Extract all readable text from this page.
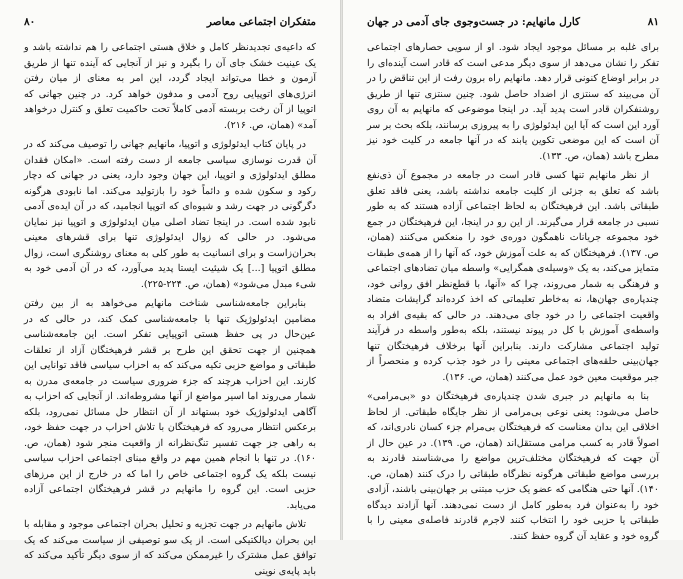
۸۰	متفکران اجتماعی معاصر

که داعیه‌ی تجدیدنظر کامل و خلاق هستی اجتماعی را هم نداشته باشد و یک عینیت خشک جای آن را بگیرد و نیز از آنجایی که آینده تنها از طریق آزمون و خطا می‌تواند ایجاد گردد، این امر به معنای از میان رفتن انرژی‌های اتوپیایی روح آدمی و مدفون خواهد کرد. در چنین جهانی که اتوپیا از آن رخت بربسته آدمی کاملاً تحت حاکمیت تعلق و کنترل درخواهد آمد» (همان، ص. ۲۱۶).

در پایان کتاب ایدئولوژی و اتوپیا، مانهایم جهانی را توصیف می‌کند که در آن قدرت نوسازی سیاسی جامعه از دست رفته است. «امکان فقدان مطلق ایدئولوژی و اتوپیا، این جهان وجود دارد، یعنی در جهانی که دچار رکود و سکون شده و دائماً خود را بازتولید می‌کند. اما نابودی هرگونه دگرگونی در جهت رشد و شیوه‌ای که اتوپیا انجامید، که در آن ایده‌ی آدمی نابود شده است. در اینجا تضاد اصلی میان ایدئولوژی و اتوپیا نیز نمایان می‌شود. در حالی که زوال ایدئولوژی تنها برای قشرهای معینی بحران‌زاست و برای انسانیت به طور کلی به معنای روشنگری است، زوال مطلق اتوپیا [...] یک شیئیت ایستا پدید می‌آورد، که در آن آدمی خود به شیء مبدل می‌شود» (همان، ص. ۲۲۴-۲۲۵).

بنابراین جامعه‌شناسی شناخت مانهایم می‌خواهد به از بین رفتن مضامین ایدئولوژیک تنها با جامعه‌شناسی کمک کند، در حالی که در عین‌حال در پی حفظ هستی اتوپیایی تفکر است. این جامعه‌شناسی همچنین از جهت تحقق این طرح بر قشر فرهیختگان آزاد از تعلقات طبقاتی و مواضع حزبی تکیه می‌کند که به احزاب سیاسی فاقد توانایی این کارند. این احزاب هرچند که جزء ضروری سیاست در جامعه‌ی مدرن به شمار می‌روند اما اسیر مواضع از آنها مشروطه‌اند. از آنجایی که احزاب به آگاهی ایدئولوژیک خود بستهاند از آن انتظار حل مسائل نمی‌رود، بلکه برعکس انتظار می‌رود که فرهیختگان با تلاش احزاب در جهت حفظ خود، به راهی جز جهت تفسیر تنگ‌نظرانه از واقعیت منجر شود (همان، ص. ۱۶۰). در تنها با انجام همین مهم در واقع مبنای اجتماعی احزاب سیاسی نیست بلکه یک گروه اجتماعی خاص را اما که در خارج از این مرزهای حزبی است. این گروه را مانهایم در قشر فرهیختگان اجتماعی آزاده می‌یابد.

تلاش مانهایم در جهت تجزیه و تحلیل بحران اجتماعی موجود و مقابله با این بحران دیالکتیکی است. از یک سو توصیفی از سیاست می‌کند که یک توافق عمل مشترک را غیرممکن می‌کند که از سوی دیگر تأکید می‌کند که باید پایه‌ی نوینی

۸۱
کارل مانهایم: در جست‌وجوی جای آدمی در جهان

برای غلبه بر مسائل موجود ایجاد شود. او از سویی حصارهای اجتماعی تفکر را نشان می‌دهد از سوی دیگر مدعی است که قادر است آینده‌ای را در برابر اوضاع کنونی قرار دهد. مانهایم راه برون رفت از این تناقض را در آن می‌بیند که سنتزی از اضداد حاصل شود. چنین سنتزی تنها از طریق روشنفکران قادر است پدید آید. در اینجا موضوعی که مانهایم به آن روی آورد این است که آیا این ایدئولوژی را به پیروزی برسانند، بلکه بحث بر سر آن است که این موضعی تکوین یابند که در آنها جامعه در کلیت خود نیز مطرح باشد (همان، ص. ۱۳۳).

از نظر مانهایم تنها کسی قادر است در جامعه در مجموع آن ذی‌نفع باشد که تعلق به جزئی از کلیت جامعه نداشته باشد، یعنی فاقد تعلق طبقاتی باشد. این فرهیختگان به لحاظ اجتماعی آزاده هستند که به طور نسبی در جامعه قرار می‌گیرند. از این رو در اینجا، این فرهیختگان در جمع خود مجموعه جریانات ناهمگون دوره‌ی خود را منعکس می‌کنند (همان، ص. ۱۳۷). فرهیختگان که به علت آموزش خود، که آنها را از همه‌ی طبقات متمایز می‌کند، به یک «وسیله‌ی همگرایی» واسطه میان تضادهای اجتماعی و فرهنگی به شمار می‌روند، چرا که «آنها، با قطع‌نظر افق روانی خود، چندپاره‌ی جهان‌ها، نه به‌خاطر تعلیماتی که اخذ کرده‌اند گرایشات متضاد واقعیت اجتماعی را در خود جای می‌دهند. در حالی که بقیه‌ی افراد به واسطه‌ی آموزش با کل در پیوند نیستند، بلکه به‌طور واسطه در فرآیند تولید اجتماعی مشارکت دارند. بنابراین آنها برخلاف فرهیختگان تنها جهان‌بینی حلقه‌های اجتماعی معینی را در خود جذب کرده و منحصراً از جبر موقعیت معین خود عمل می‌کنند (همان، ص. ۱۳۶).

بنا به مانهایم در جبری شدن چندپاره‌ی فرهیختگان دو «بی‌مرامی» حاصل می‌شود: یعنی نوعی بی‌مرامی از نظر جایگاه طبقاتی. از لحاظ اخلاقی این بدان معناست که فرهیختگان بی‌مرام جزء کسان نادری‌اند، که اصولاً قادر به کسب مرامی مستقل‌اند (همان، ص. ۱۳۹). در عین حال از آن جهت که فرهیختگان مختلف‌ترین مواضع را می‌شناسند قادرند به بررسی مواضع طبقاتی هرگونه نظرگاه طبقاتی را درک کنند (همان، ص. ۱۴۰). آنها حتی هنگامی که عضو یک حزب مبتنی بر جهان‌بینی باشند، آزادی خود را به‌عنوان فرد به‌طور کامل از دست نمی‌دهند. آنها آزادند دیدگاه طبقاتی یا حزبی خود را انتخاب کنند لاجرم قادرند فاصله‌ی معینی را با گروه خود و عقاید آن گروه حفظ کنند.
